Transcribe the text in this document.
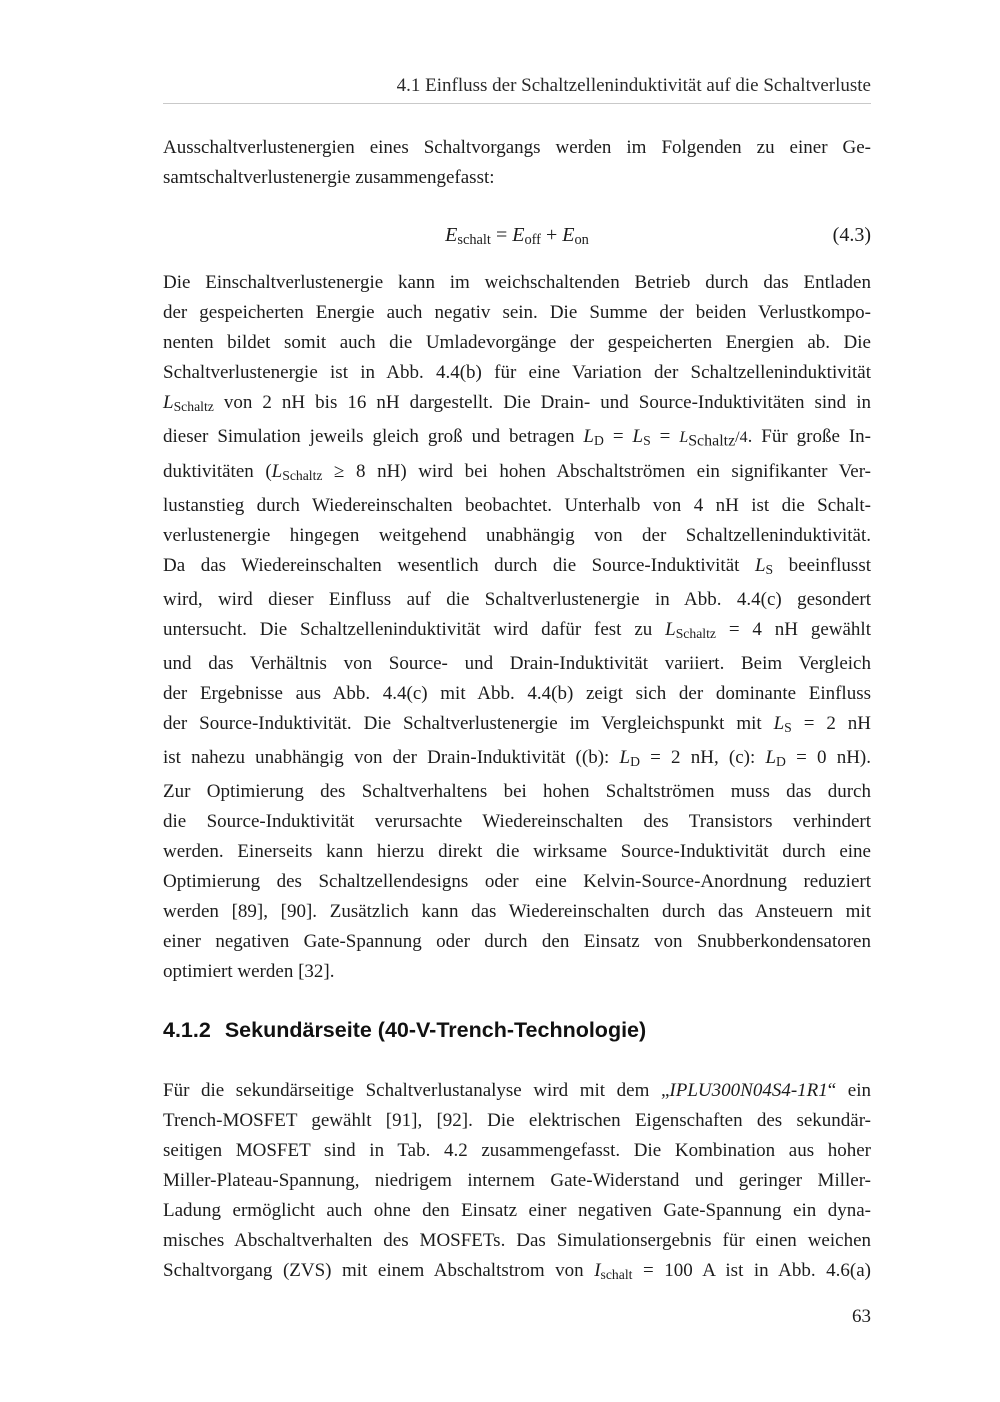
4.1 Einfluss der Schaltzelleninduktivität auf die Schaltverluste
Ausschaltverlustenergien eines Schaltvorgangs werden im Folgenden zu einer Ge-
samtschaltverlustenergie zusammengefasst:
$E_{schalt} = E_{off} + E_{on}$	(4.3)
Die Einschaltverlustenergie kann im weichschaltenden Betrieb durch das Entladen
der gespeicherten Energie auch negativ sein. Die Summe der beiden Verlustkompo-
nenten bildet somit auch die Umladevorgänge der gespeicherten Energien ab. Die
Schaltverlustenergie ist in Abb. 4.4(b) für eine Variation der Schaltzelleninduktivität
$L_{Schaltz}$ von 2 nH bis 16 nH dargestellt. Die Drain- und Source-Induktivitäten sind in
dieser Simulation jeweils gleich groß und betragen $L_D = L_S = L_{Schaltz}/4$. Für große In-
duktivitäten ($L_{Schaltz} \ge 8$ nH) wird bei hohen Abschaltströmen ein signifikanter Ver-
lustanstieg durch Wiedereinschalten beobachtet. Unterhalb von 4 nH ist die Schalt-
verlustenergie hingegen weitgehend unabhängig von der Schaltzelleninduktivität.
Da das Wiedereinschalten wesentlich durch die Source-Induktivität $L_S$ beeinflusst
wird, wird dieser Einfluss auf die Schaltverlustenergie in Abb. 4.4(c) gesondert
untersucht. Die Schaltzelleninduktivität wird dafür fest zu $L_{Schaltz} = 4$ nH gewählt
und das Verhältnis von Source- und Drain-Induktivität variiert. Beim Vergleich
der Ergebnisse aus Abb. 4.4(c) mit Abb. 4.4(b) zeigt sich der dominante Einfluss
der Source-Induktivität. Die Schaltverlustenergie im Vergleichspunkt mit $L_S = 2$ nH
ist nahezu unabhängig von der Drain-Induktivität ((b): $L_D = 2$ nH, (c): $L_D = 0$ nH).
Zur Optimierung des Schaltverhaltens bei hohen Schaltströmen muss das durch
die Source-Induktivität verursachte Wiedereinschalten des Transistors verhindert
werden. Einerseits kann hierzu direkt die wirksame Source-Induktivität durch eine
Optimierung des Schaltzellendesigns oder eine Kelvin-Source-Anordnung reduziert
werden [89], [90]. Zusätzlich kann das Wiedereinschalten durch das Ansteuern mit
einer negativen Gate-Spannung oder durch den Einsatz von Snubberkondensatoren
optimiert werden [32].
4.1.2 Sekundärseite (40-V-Trench-Technologie)
Für die sekundärseitige Schaltverlustanalyse wird mit dem „IPLU300N04S4-1R1“ ein
Trench-MOSFET gewählt [91], [92]. Die elektrischen Eigenschaften des sekundär-
seitigen MOSFET sind in Tab. 4.2 zusammengefasst. Die Kombination aus hoher
Miller-Plateau-Spannung, niedrigem internem Gate-Widerstand und geringer Miller-
Ladung ermöglicht auch ohne den Einsatz einer negativen Gate-Spannung ein dyna-
misches Abschaltverhalten des MOSFETs. Das Simulationsergebnis für einen weichen
Schaltvorgang (ZVS) mit einem Abschaltstrom von $I_{schalt} = 100$ A ist in Abb. 4.6(a)
63
